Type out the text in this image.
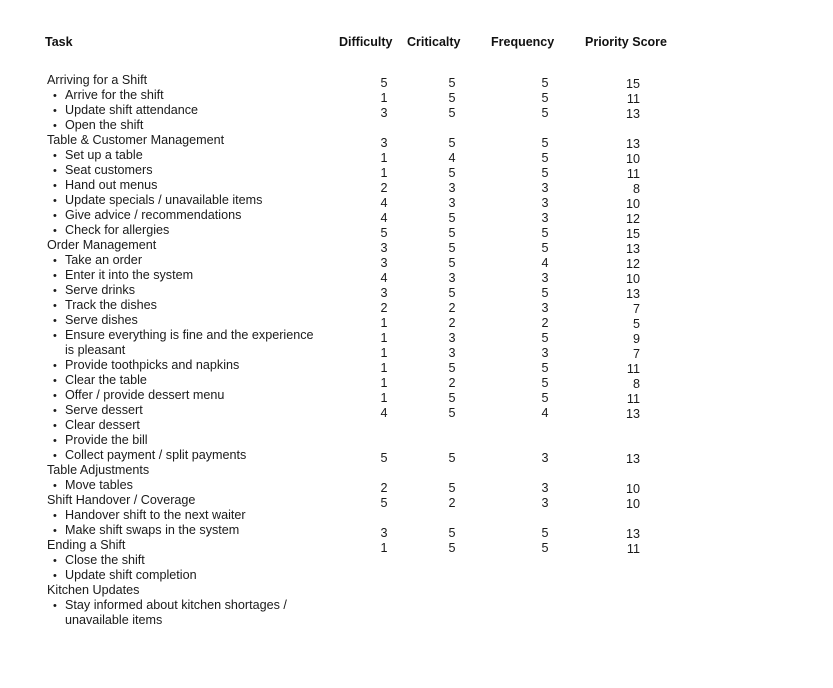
Task	Difficulty Criticalty Frequency Priority Score
Arriving for a Shift
• Arrive for the shift
• Update shift attendance
• Open the shift
Table & Customer Management
• Set up a table
• Seat customers
• Hand out menus
• Update specials / unavailable items
• Give advice / recommendations
• Check for allergies
Order Management
• Take an order
• Enter it into the system
• Serve drinks
• Track the dishes
• Serve dishes
• Ensure everything is fine and the experience
is pleasant
• Provide toothpicks and napkins
• Clear the table
• Offer / provide dessert menu
• Serve dessert
• Clear dessert
• Provide the bill
• Collect payment / split payments
Table Adjustments
• Move tables
Shift Handover / Coverage
• Handover shift to the next waiter
• Make shift swaps in the system
Ending a Shift
• Close the shift
• Update shift completion
Kitchen Updates
• Stay informed about kitchen shortages /
unavailable items
5
1
3
3
1
1
2
4
4
5
3
3
4
3
2
1
1
1
1
1
1
4
5
2
5
3
1
5
5
5
5
4
5
3
3
5
5
5
5
3
5
2
2
3
3
5
2
5
5
5
5
2
5
5
5
5
5
5
5
5
3
3
3
5
5
4
3
5
3
2
5
3
5
5
5
4
3
3
3
5
5
15
11
13
13
10
11
8
10
12
15
13
12
10
13
7
5
9
7
11
8
11
13
13
10
10
13
11
